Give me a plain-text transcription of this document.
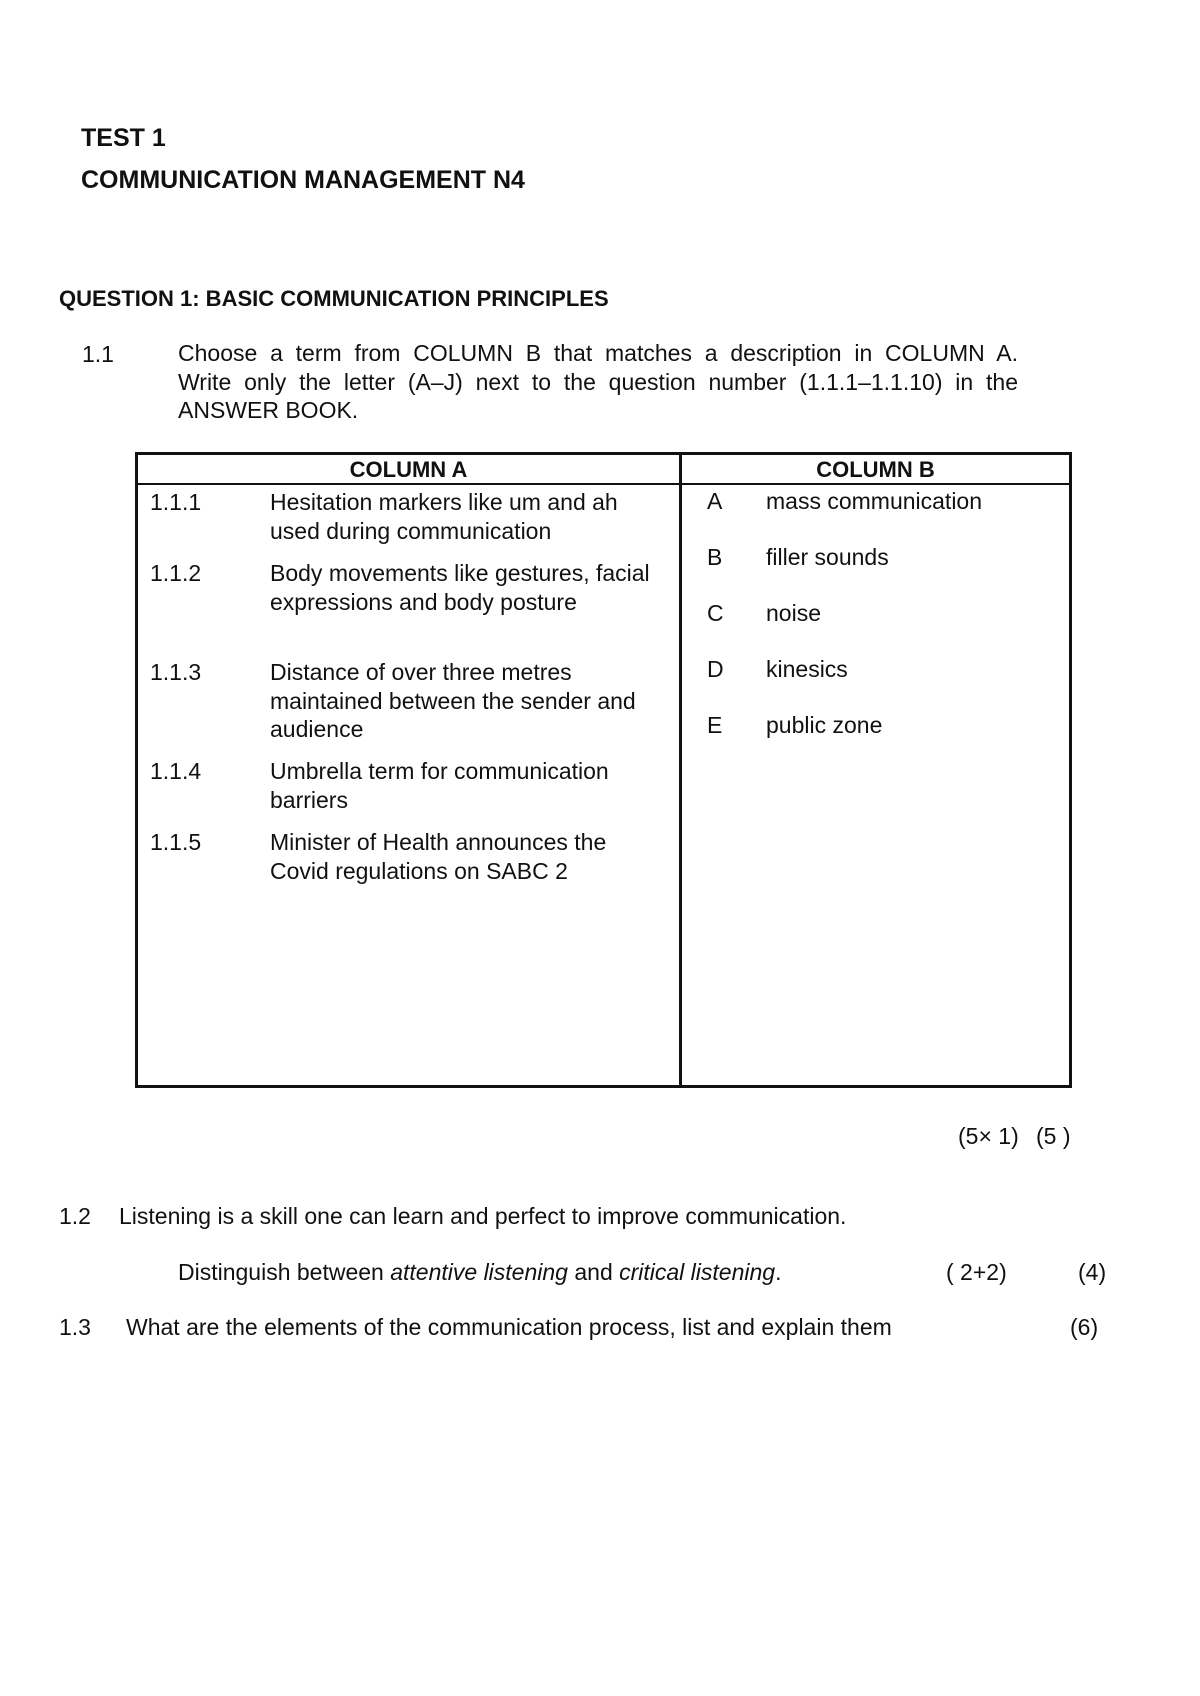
TEST 1
COMMUNICATION MANAGEMENT N4
QUESTION 1: BASIC COMMUNICATION PRINCIPLES
1.1	Choose a term from COLUMN B that matches a description in COLUMN A.
Write only the letter (A–J) next to the question number (1.1.1–1.1.10) in the
ANSWER BOOK.
COLUMN A	COLUMN B
1.1.1	Hesitation markers like um and ah used during communication
1.1.2	Body movements like gestures, facial expressions and body posture
1.1.3	Distance of over three metres maintained between the sender and audience
1.1.4	Umbrella term for communication barriers
1.1.5	Minister of Health announces the Covid regulations on SABC 2
A mass communication
B filler sounds
C noise
D kinesics
E public zone
(5× 1) (5 )
1.2 Listening is a skill one can learn and perfect to improve communication.
Distinguish between attentive listening and critical listening.	( 2+2)	(4)
1.3 What are the elements of the communication process, list and explain them	(6)
